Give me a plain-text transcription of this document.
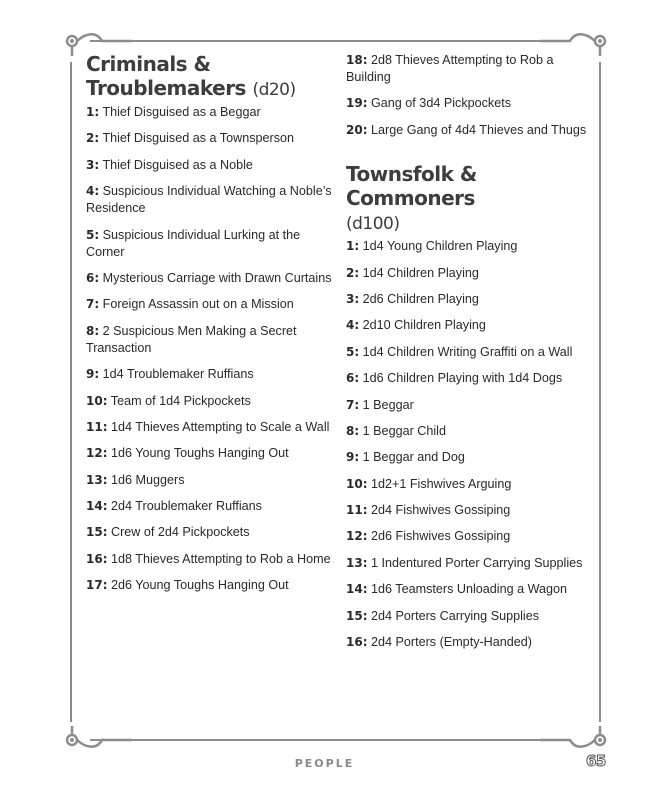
Criminals & Troublemakers (d20)
1: Thief Disguised as a Beggar
2: Thief Disguised as a Townsperson
3: Thief Disguised as a Noble
4: Suspicious Individual Watching a Noble’s Residence
5: Suspicious Individual Lurking at the Corner
6: Mysterious Carriage with Drawn Curtains
7: Foreign Assassin out on a Mission
8: 2 Suspicious Men Making a Secret Transaction
9: 1d4 Troublemaker Ruffians
10: Team of 1d4 Pickpockets
11: 1d4 Thieves Attempting to Scale a Wall
12: 1d6 Young Toughs Hanging Out
13: 1d6 Muggers
14: 2d4 Troublemaker Ruffians
15: Crew of 2d4 Pickpockets
16: 1d8 Thieves Attempting to Rob a Home
17: 2d6 Young Toughs Hanging Out
18: 2d8 Thieves Attempting to Rob a Building
19: Gang of 3d4 Pickpockets
20: Large Gang of 4d4 Thieves and Thugs
Townsfolk & Commoners
(d100)
1: 1d4 Young Children Playing
2: 1d4 Children Playing
3: 2d6 Children Playing
4: 2d10 Children Playing
5: 1d4 Children Writing Graffiti on a Wall
6: 1d6 Children Playing with 1d4 Dogs
7: 1 Beggar
8: 1 Beggar Child
9: 1 Beggar and Dog
10: 1d2+1 Fishwives Arguing
11: 2d4 Fishwives Gossiping
12: 2d6 Fishwives Gossiping
13: 1 Indentured Porter Carrying Supplies
14: 1d6 Teamsters Unloading a Wagon
15: 2d4 Porters Carrying Supplies
16: 2d4 Porters (Empty-Handed)
PEOPLE	65
